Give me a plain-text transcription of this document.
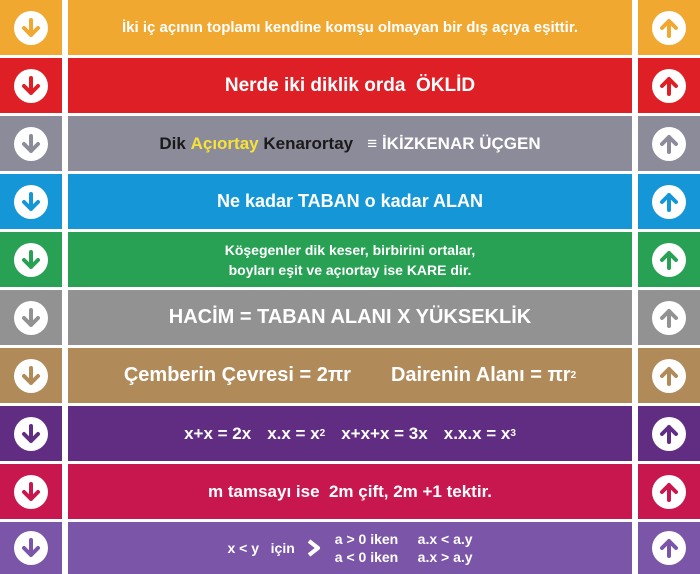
İki iç açının toplamı kendine komşu olmayan bir dış açıya eşittir.
Nerde iki diklik orda  ÖKLİD
Dik
Açıortay
Kenarortay
≡ İKİZKENAR ÜÇGEN
Ne kadar TABAN o kadar ALAN
Köşegenler dik keser, birbirini ortalar,
boyları eşit ve açıortay ise KARE dir.
HACİM = TABAN ALANI X YÜKSEKLİK
Çemberin Çevresi = 2πr Dairenin Alanı = πr 2
x+x = 2x x.x = x 2 x+x+x = 3x x.x.x = x 3
m tamsayı ise  2m çift, 2m +1 tektir.
x < y   için
a > 0 iken     a.x < a.y
a < 0 iken     a.x > a.y
